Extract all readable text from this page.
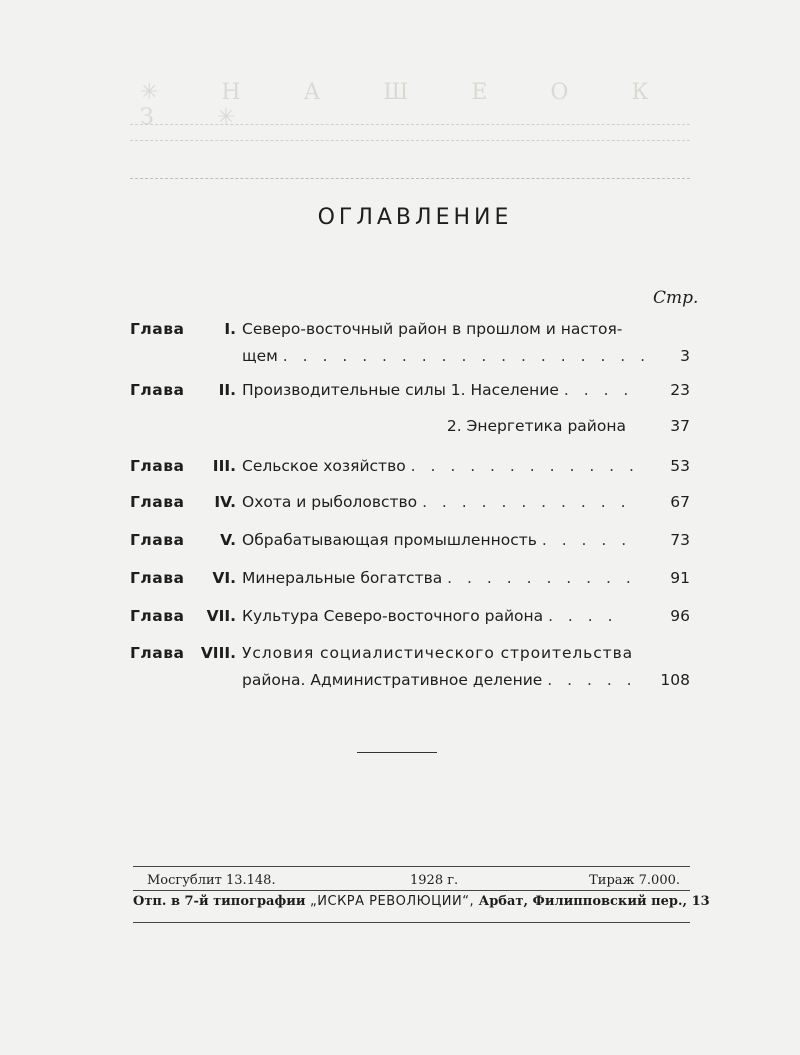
✳ Н А Ш Е О К З ✳
ОГЛАВЛЕНИЕ
Стр.
Глава	I. Северо-восточный район в прошлом и настоя-
щем . . . . . . . . . . . . . . . . . . . 3
Глава	II. Производительные силы 1. Население . . . .	23
2. Энергетика района	37
Глава	III. Сельское хозяйство . . . . . . . . . . . .	53
Глава	IV. Охота и рыболовство . . . . . . . . . . .	67
Глава	V. Обрабатывающая промышленность . . . . .	73
Глава	VI. Минеральные богатства . . . . . . . . . .	91
Глава	VII. Культура Северо-восточного района . . . .	96
Глава	VIII. Условия социалистического строительства
района. Административное деление . . . . . 108
Мосгублит 13.148.	1928 г.	Тираж 7.000.
Отп. в 7-й типографии „ИСКРА РЕВОЛЮЦИИ“, Арбат, Филипповский пер., 13
